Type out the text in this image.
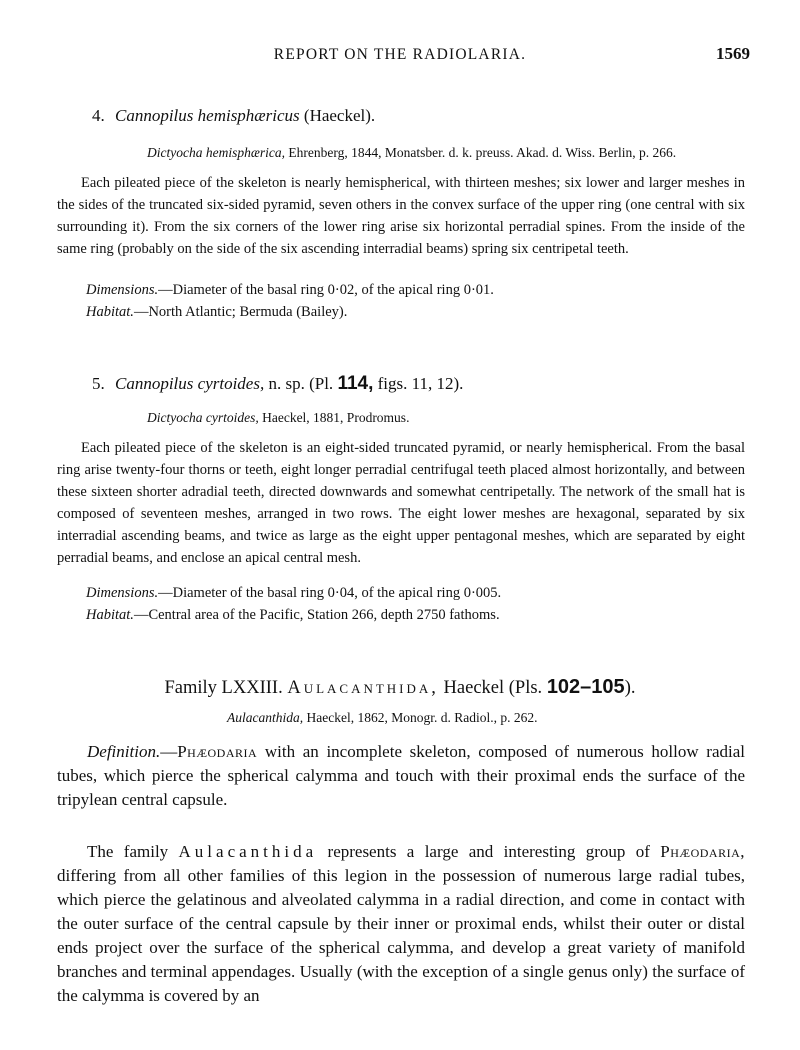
REPORT ON THE RADIOLARIA.	1569
4. Cannopilus hemisphæricus (Haeckel).
Dictyocha hemisphærica, Ehrenberg, 1844, Monatsber. d. k. preuss. Akad. d. Wiss. Berlin, p. 266.
Each pileated piece of the skeleton is nearly hemispherical, with thirteen meshes; six lower and larger meshes in the sides of the truncated six-sided pyramid, seven others in the convex surface of the upper ring (one central with six surrounding it). From the six corners of the lower ring arise six horizontal perradial spines. From the inside of the same ring (probably on the side of the six ascending interradial beams) spring six centripetal teeth.
Dimensions.—Diameter of the basal ring 0·02, of the apical ring 0·01.
Habitat.—North Atlantic; Bermuda (Bailey).
5. Cannopilus cyrtoides, n. sp. (Pl. 114, figs. 11, 12).
Dictyocha cyrtoides, Haeckel, 1881, Prodromus.
Each pileated piece of the skeleton is an eight-sided truncated pyramid, or nearly hemispherical. From the basal ring arise twenty-four thorns or teeth, eight longer perradial centrifugal teeth placed almost horizontally, and between these sixteen shorter adradial teeth, directed downwards and somewhat centripetally. The network of the small hat is composed of seventeen meshes, arranged in two rows. The eight lower meshes are hexagonal, separated by six interradial ascending beams, and twice as large as the eight upper pentagonal meshes, which are separated by eight perradial beams, and enclose an apical central mesh.
Dimensions.—Diameter of the basal ring 0·04, of the apical ring 0·005.
Habitat.—Central area of the Pacific, Station 266, depth 2750 fathoms.
Family LXXIII. Aulacanthida, Haeckel (Pls. 102–105).
Aulacanthida, Haeckel, 1862, Monogr. d. Radiol., p. 262.
Definition.—Phæodaria with an incomplete skeleton, composed of numerous hollow radial tubes, which pierce the spherical calymma and touch with their proximal ends the surface of the tripylean central capsule.
The family Aulacanthida represents a large and interesting group of Phæodaria, differing from all other families of this legion in the possession of numerous large radial tubes, which pierce the gelatinous and alveolated calymma in a radial direction, and come in contact with the outer surface of the central capsule by their inner or proximal ends, whilst their outer or distal ends project over the surface of the spherical calymma, and develop a great variety of manifold branches and terminal appendages. Usually (with the exception of a single genus only) the surface of the calymma is covered by an
